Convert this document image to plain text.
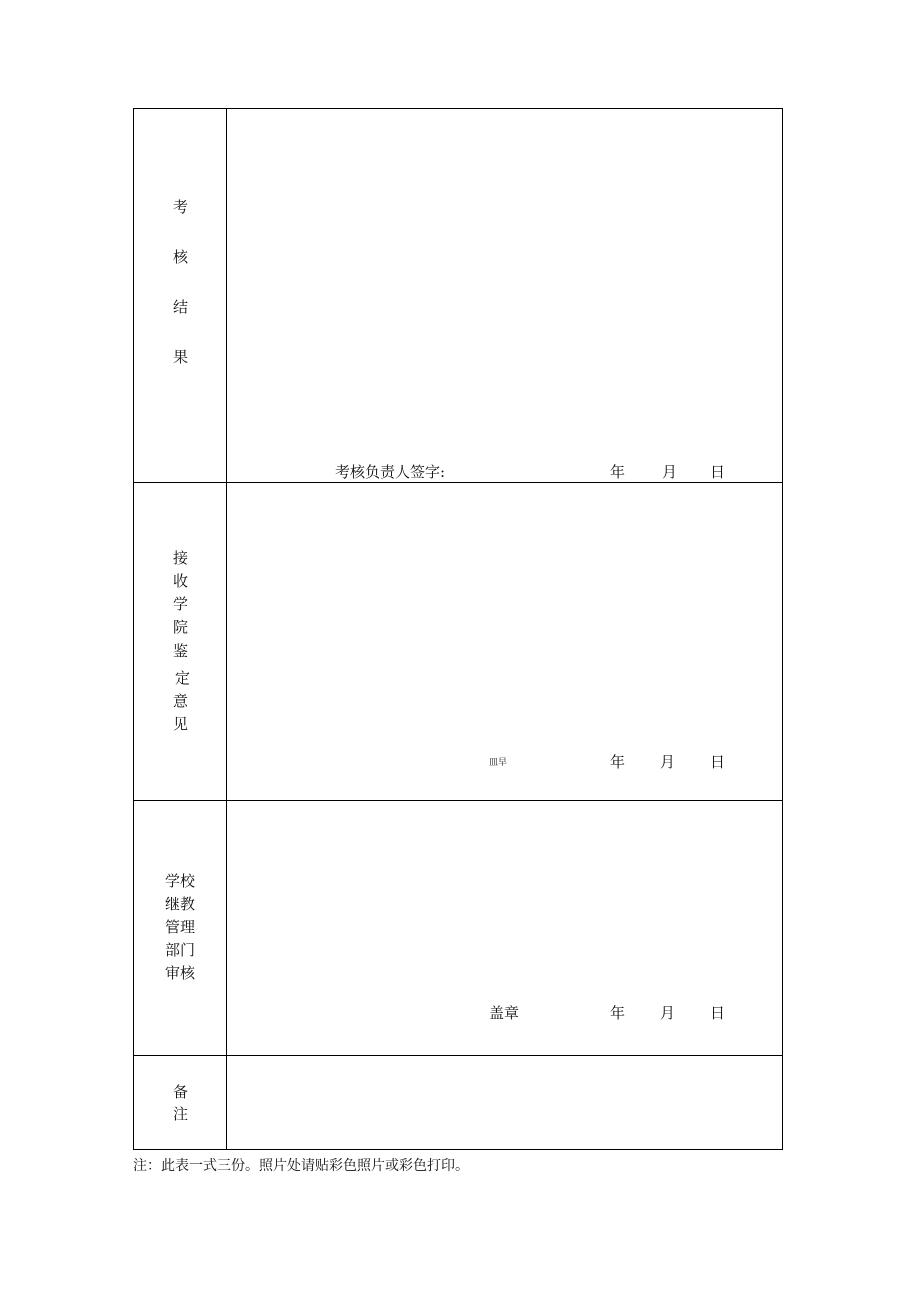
考
核
结
果
考核负责人签字:	年 月 日
接
收
学
院
鉴
定
意
见
皿早	年 月 日
学校
继教
管理
部门
审核
盖章	年 月 日
备
注
注：此表一式三份。照片处请贴彩色照片或彩色打印。
